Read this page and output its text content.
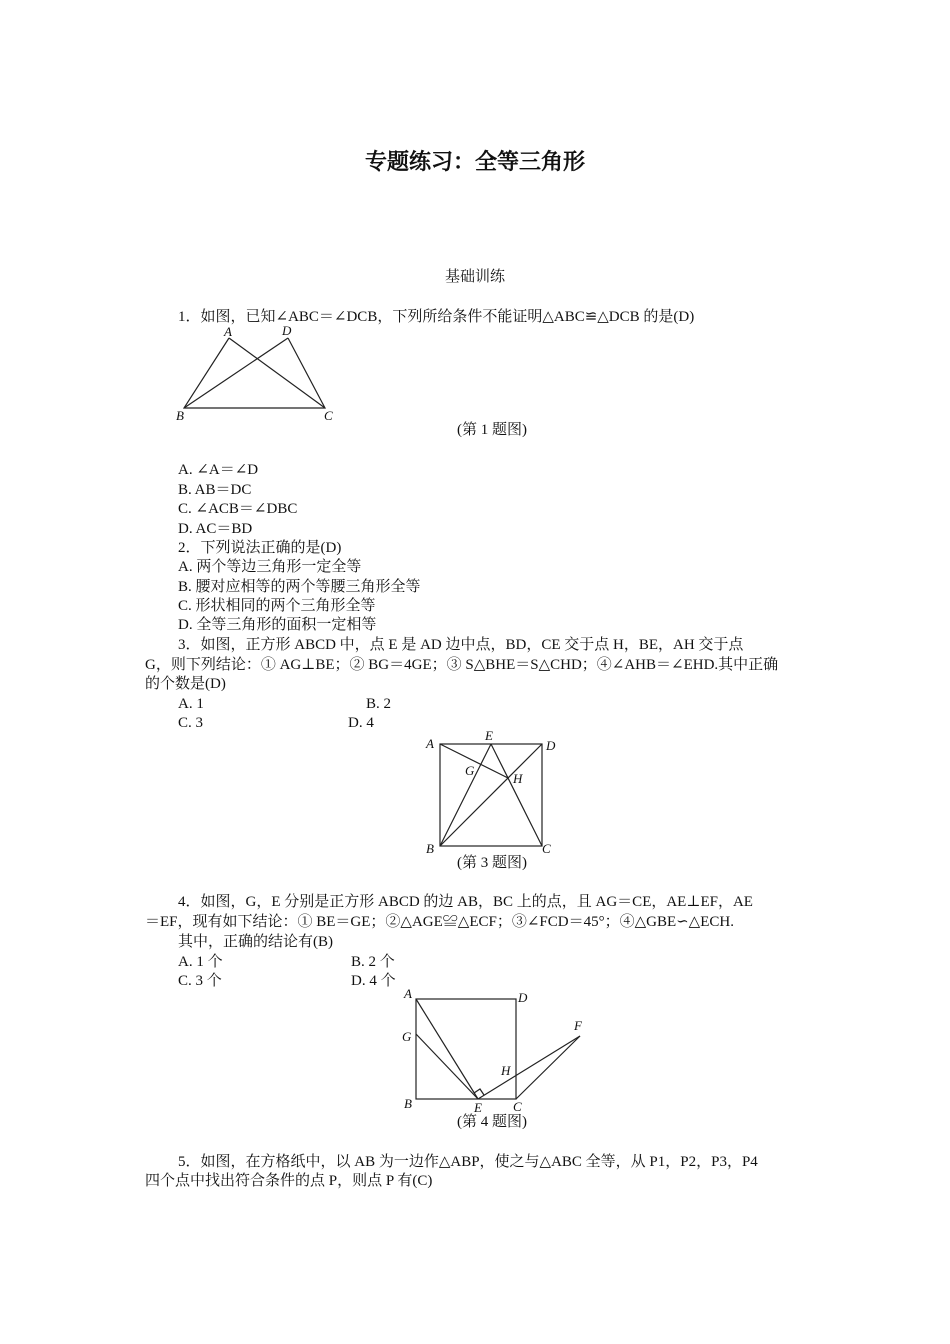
专题练习：全等三角形
基础训练
1．如图，已知∠ABC＝∠DCB，下列所给条件不能证明△ABC≌△DCB 的是(D)
A	D
B	C
(第 1 题图)
A. ∠A＝∠D
B. AB＝DC
C. ∠ACB＝∠DBC
D. AC＝BD
2．下列说法正确的是(D)
A. 两个等边三角形一定全等
B. 腰对应相等的两个等腰三角形全等
C. 形状相同的两个三角形全等
D. 全等三角形的面积一定相等
3．如图，正方形 ABCD 中，点 E 是 AD 边中点，BD，CE 交于点 H，BE，AH 交于点
G，则下列结论：① AG⊥BE；② BG＝4GE；③ S△BHE＝S△CHD；④∠AHB＝∠EHD.其中正确
的个数是(D)
A. 1	B. 2
C. 3	D. 4
A
E
D
G
H
B	C
(第 3 题图)
4．如图，G，E 分别是正方形 ABCD 的边 AB，BC 上的点，且 AG＝CE，AE⊥EF，AE
＝EF，现有如下结论：① BE＝GE；②△AGE≌△ECF；③∠FCD＝45°；④△GBE∽△ECH.
其中，正确的结论有(B)
A. 1 个	B. 2 个
C. 3 个	D. 4 个
A	D
G
F
H
B	E C
(第 4 题图)
5．如图，在方格纸中，以 AB 为一边作△ABP，使之与△ABC 全等，从 P1，P2，P3，P4
四个点中找出符合条件的点 P，则点 P 有(C)
